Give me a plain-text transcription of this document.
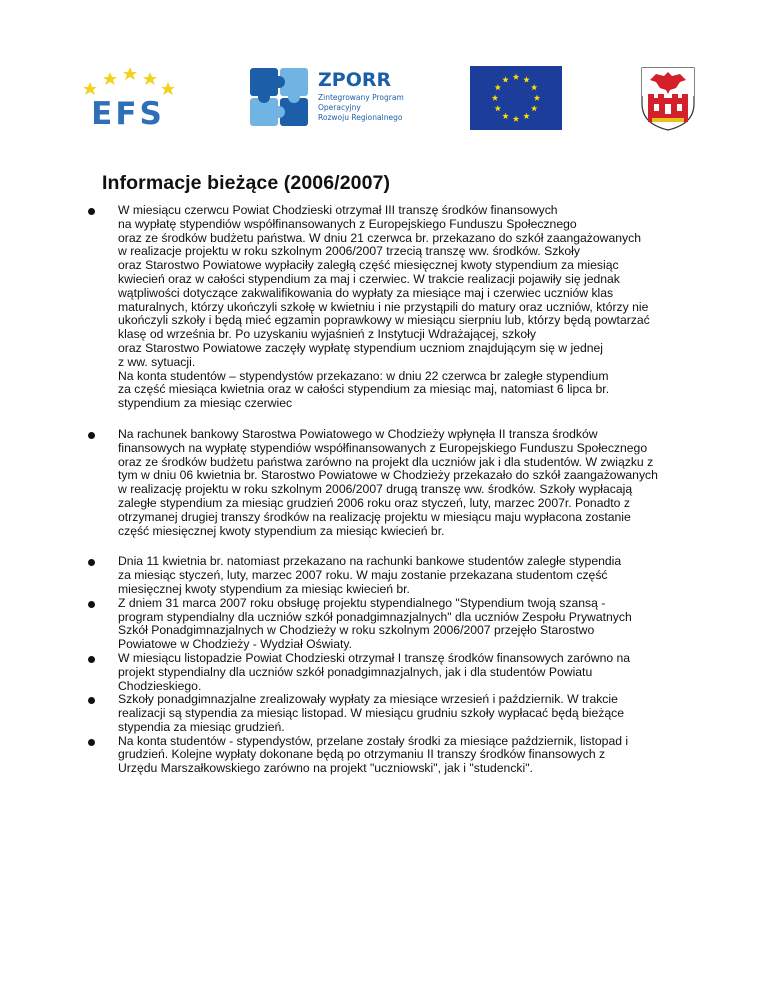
EFS
ZPORR
Zintegrowany Program
Operacyjny
Rozwoju Regionalnego
Informacje bieżące (2006/2007)
W miesiącu czerwcu Powiat Chodzieski otrzymał III transzę środków finansowych
na wypłatę stypendiów współfinansowanych z Europejskiego Funduszu Społecznego
oraz ze środków budżetu państwa. W dniu 21 czerwca br. przekazano do szkół zaangażowanych
w realizacje projektu w roku szkolnym 2006/2007 trzecią transzę ww. środków. Szkoły
oraz Starostwo Powiatowe wypłaciły zaległą część miesięcznej kwoty stypendium za miesiąc
kwiecień oraz w całości stypendium za maj i czerwiec. W trakcie realizacji pojawiły się jednak
wątpliwości dotyczące zakwalifikowania do wypłaty za miesiące maj i czerwiec uczniów klas
maturalnych, którzy ukończyli szkołę w kwietniu i nie przystąpili do matury oraz uczniów, którzy nie
ukończyli szkoły i będą mieć egzamin poprawkowy w miesiącu sierpniu lub, którzy będą powtarzać
klasę od września br. Po uzyskaniu wyjaśnień z Instytucji Wdrażającej, szkoły
oraz Starostwo Powiatowe zaczęły wypłatę stypendium uczniom znajdującym się w jednej
z ww. sytuacji.
Na konta studentów – stypendystów przekazano: w dniu 22 czerwca br zaległe stypendium
za część miesiąca kwietnia oraz w całości stypendium za miesiąc maj, natomiast 6 lipca br.
stypendium za miesiąc czerwiec
Na rachunek bankowy Starostwa Powiatowego w Chodzieży wpłynęła II transza środków
finansowych na wypłatę stypendiów współfinansowanych z Europejskiego Funduszu Społecznego
oraz ze środków budżetu państwa zarówno na projekt dla uczniów jak i dla studentów. W związku z
tym w dniu 06 kwietnia br. Starostwo Powiatowe w Chodzieży przekazało do szkół zaangażowanych
w realizację projektu w roku szkolnym 2006/2007 drugą transzę ww. środków. Szkoły wypłacają
zaległe stypendium za miesiąc grudzień 2006 roku oraz styczeń, luty, marzec 2007r. Ponadto z
otrzymanej drugiej transzy środków na realizację projektu w miesiącu maju wypłacona zostanie
część miesięcznej kwoty stypendium za miesiąc kwiecień br.
Dnia 11 kwietnia br. natomiast przekazano na rachunki bankowe studentów zaległe stypendia
za miesiąc styczeń, luty, marzec 2007 roku. W maju zostanie przekazana studentom część
miesięcznej kwoty stypendium za miesiąc kwiecień br.
Z dniem 31 marca 2007 roku obsługę projektu stypendialnego "Stypendium twoją szansą -
program stypendialny dla uczniów szkół ponadgimnazjalnych" dla uczniów Zespołu Prywatnych
Szkół Ponadgimnazjalnych w Chodzieży w roku szkolnym 2006/2007 przejęło Starostwo
Powiatowe w Chodzieży - Wydział Oświaty.
W miesiącu listopadzie Powiat Chodzieski otrzymał I transzę środków finansowych zarówno na
projekt stypendialny dla uczniów szkół ponadgimnazjalnych, jak i dla studentów Powiatu
Chodzieskiego.
Szkoły ponadgimnazjalne zrealizowały wypłaty za miesiące wrzesień i październik. W trakcie
realizacji są stypendia za miesiąc listopad. W miesiącu grudniu szkoły wypłacać będą bieżące
stypendia za miesiąc grudzień.
Na konta studentów - stypendystów, przelane zostały środki za miesiące październik, listopad i
grudzień. Kolejne wypłaty dokonane będą po otrzymaniu II transzy środków finansowych z
Urzędu Marszałkowskiego zarówno na projekt "uczniowski", jak i "studencki".
